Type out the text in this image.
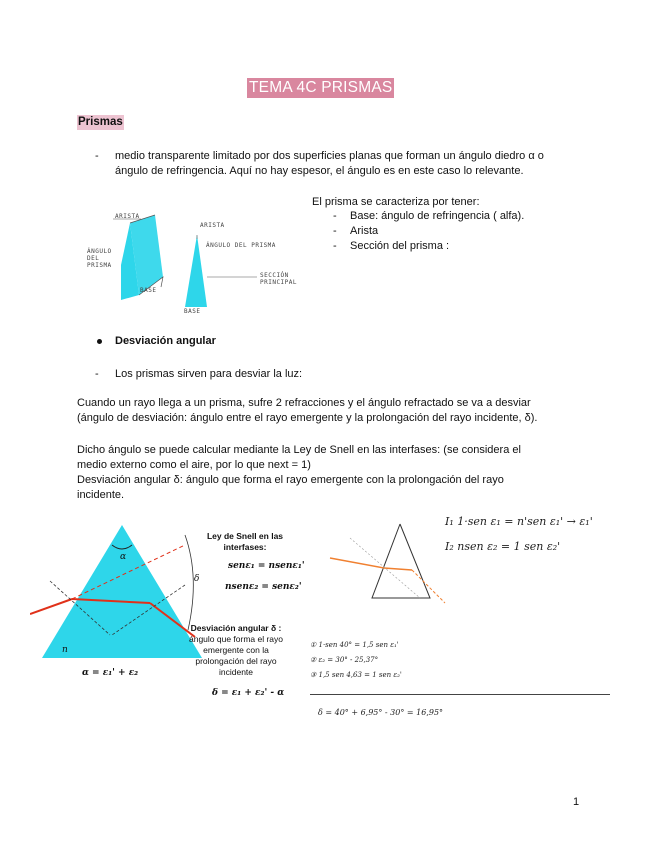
TEMA 4C PRISMAS
Prismas
- medio transparente limitado por dos superficies planas que forman un ángulo diedro α o
ángulo de refringencia. Aquí no hay espesor, el ángulo es en este caso lo relevante.
El prisma se caracteriza por tener:
- Base: ángulo de refringencia ( alfa).
- Arista
- Sección del prisma :
ARISTA
ÁNGULO DEL PRISMA
BASE
ARISTA
ÁNGULO DEL PRISMA
SECCIÓN PRINCIPAL
BASE
Desviación angular
- Los prismas sirven para desviar la luz:
Cuando un rayo llega a un prisma, sufre 2 refracciones y el ángulo refractado se va a desviar
(ángulo de desviación: ángulo entre el rayo emergente y la prolongación del rayo incidente, δ).
Dicho ángulo se puede calcular mediante la Ley de Snell en las interfases: (se considera el
medio externo como el aire, por lo que next = 1)
Desviación angular δ: ángulo que forma el rayo emergente con la prolongación del rayo
incidente.
α
δ
n
α = ε₁' + ε₂
Ley de Snell en las
interfases:
senε₁ = nsenε₁'
nsenε₂ = senε₂'
Desviación angular δ :
ángulo que forma el rayo
emergente con la
prolongación del rayo
incidente
δ = ε₁ + ε₂' - α
I₁ 1·sen ε₁ = n'sen ε₁' → ε₁'
I₂ nsen ε₂ = 1 sen ε₂'
① 1·sen 40° = 1,5 sen ε₁'
② ε₂ = 30° - 25,37°
③ 1,5 sen 4,63 = 1 sen ε₂'
δ = 40° + 6,95° - 30° = 16,95°
1
